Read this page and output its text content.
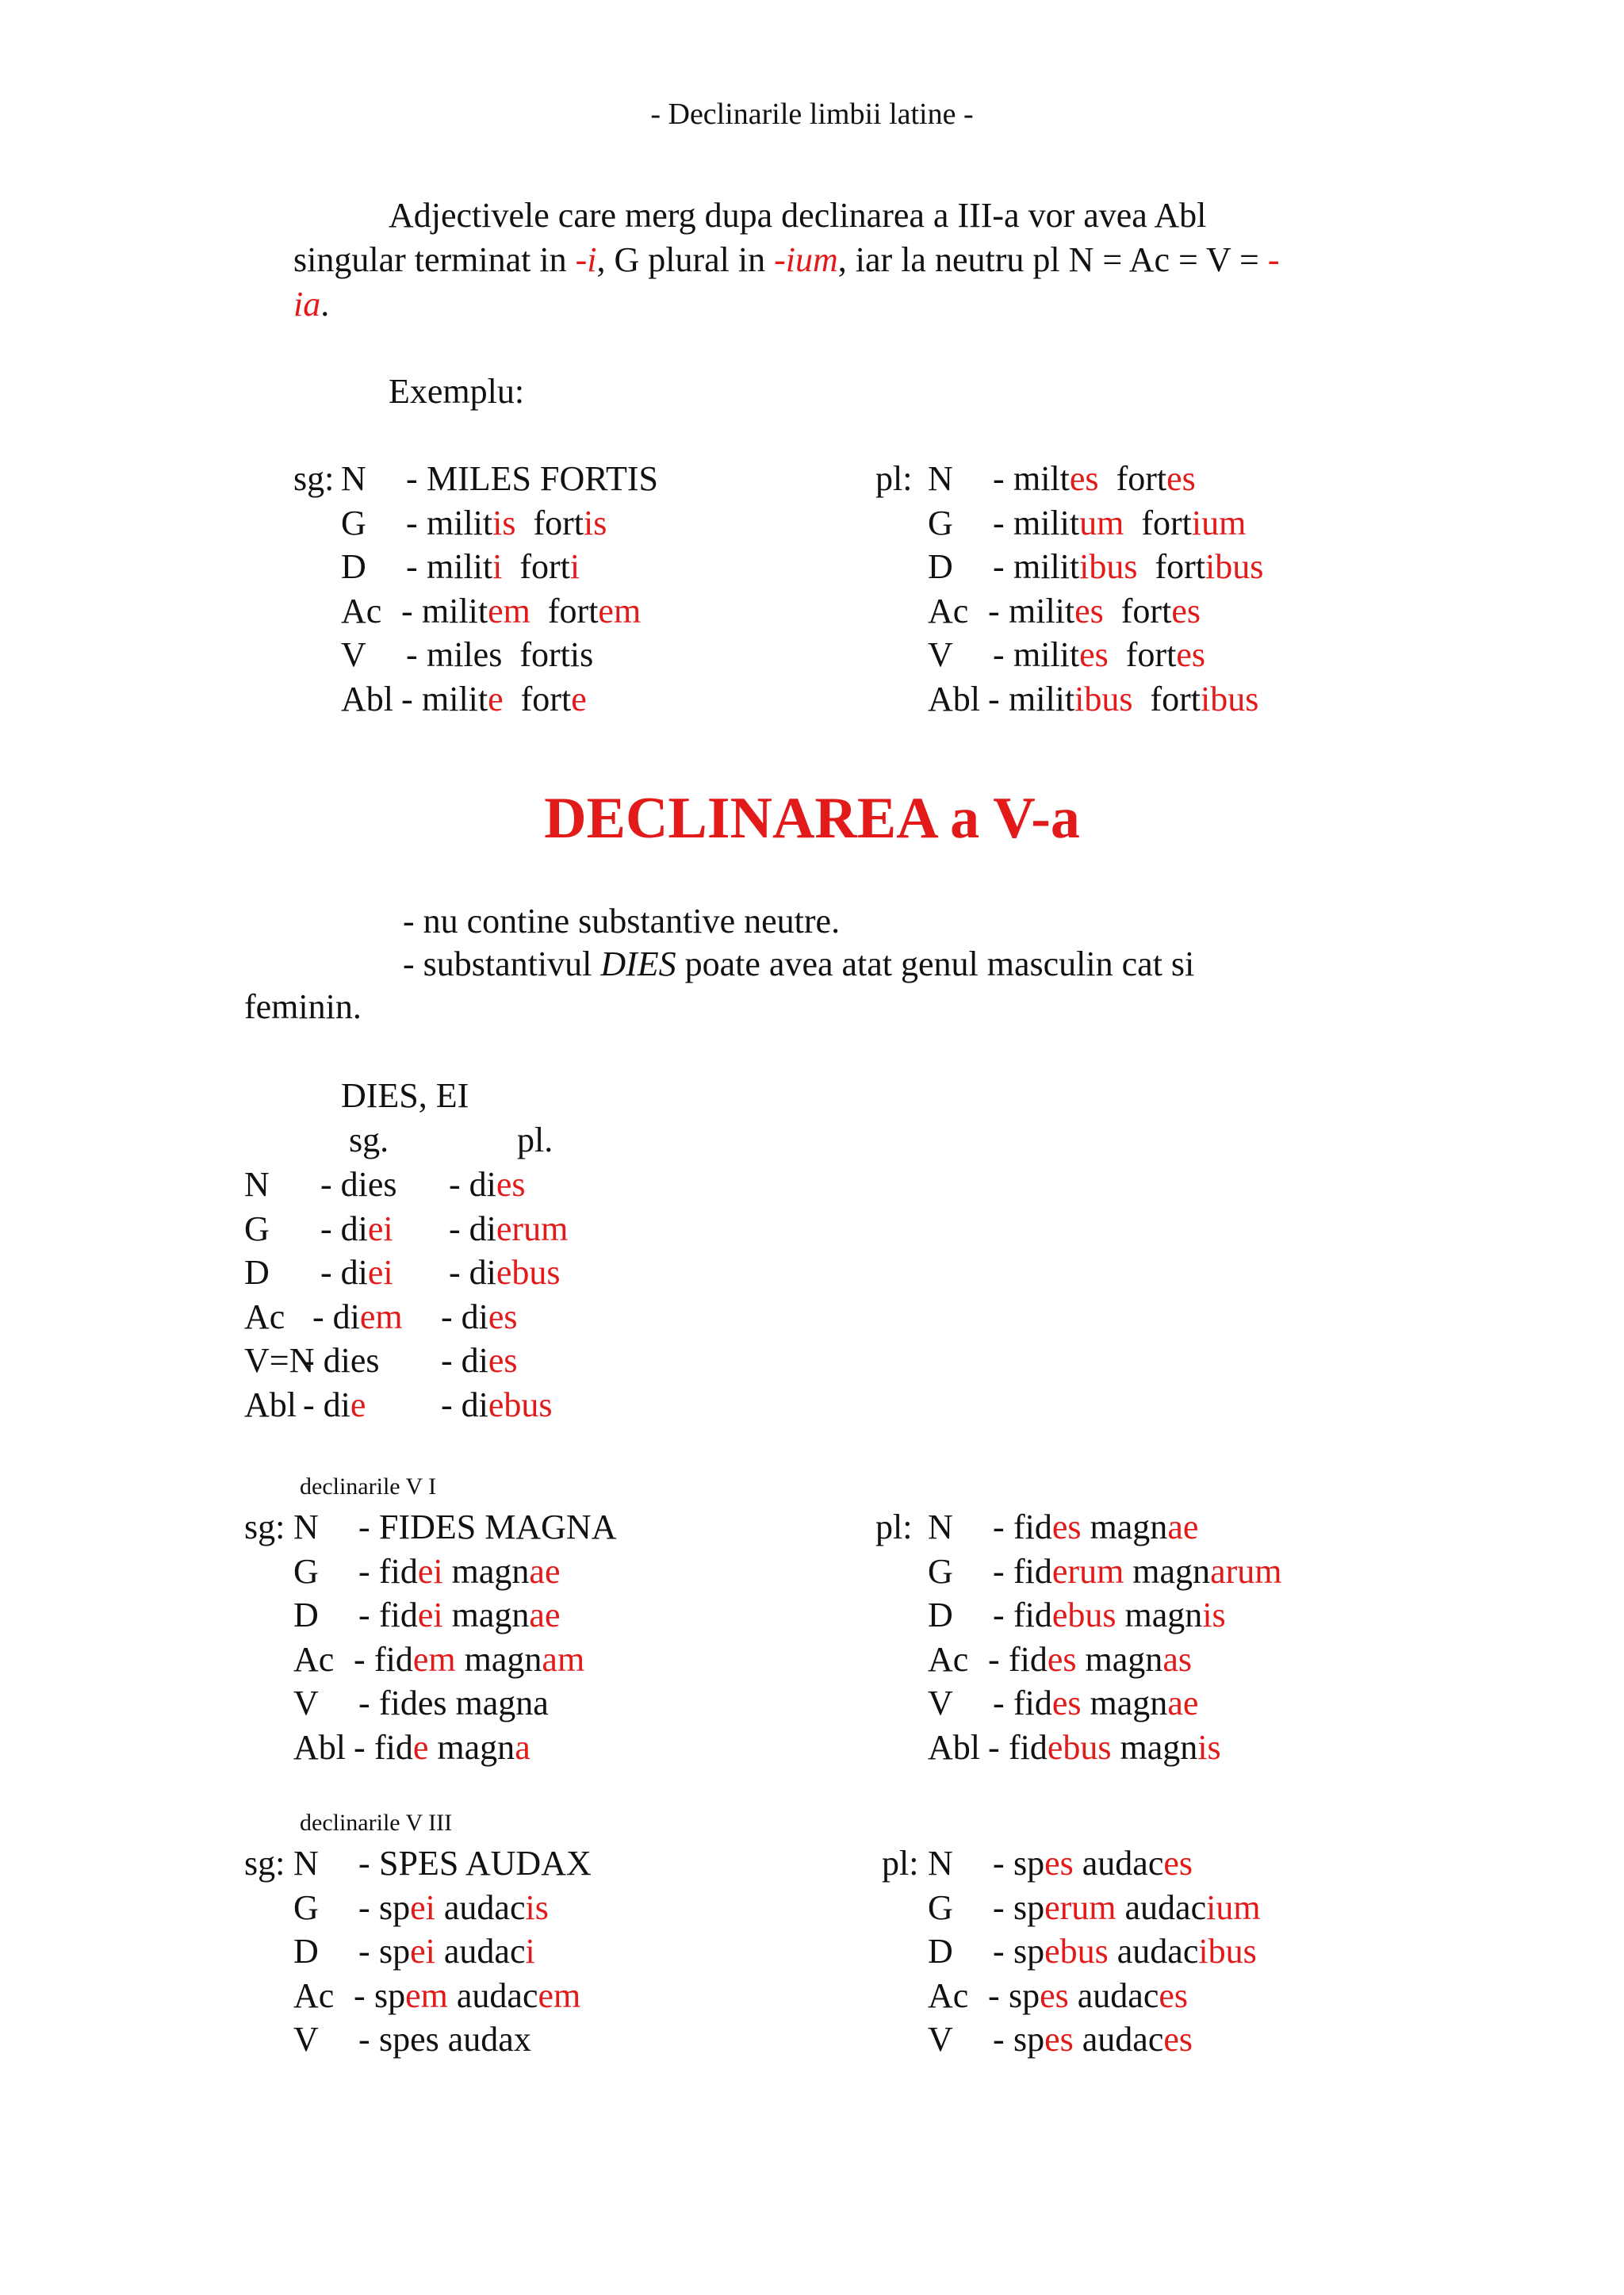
- Declinarile limbii latine -
Adjectivele care merg dupa declinarea a III-a vor avea Abl
singular terminat in -i, G plural in -ium, iar la neutru pl N = Ac = V = -
ia.
Exemplu:
sg: N - MILES FORTIS
G - militis  fortis
D - militi  forti
Ac - militem  fortem
V - miles  fortis
Abl - milite  forte
pl: N - miltes  fortes
G - militum  fortium
D - militibus  fortibus
Ac - milites  fortes
V - milites  fortes
Abl - militibus  fortibus
DECLINAREA a V-a
- nu contine substantive neutre.
- substantivul DIES poate avea atat genul masculin cat si
feminin.
DIES, EI
sg.	pl.
N - dies - dies
G - diei - dierum
D - diei - diebus
Ac - diem - dies
V=N
- dies - dies
Abl - die - diebus
declinarile V I
sg: N - FIDES MAGNA
G - fidei magnae
D - fidei magnae
Ac - fidem magnam
V - fides magna
Abl - fide magna
pl: N - fides magnae
G - fiderum magnarum
D - fidebus magnis
Ac - fides magnas
V - fides magnae
Abl - fidebus magnis
declinarile V III
sg: N - SPES AUDAX
G - spei audacis
D - spei audaci
Ac - spem audacem
V - spes audax
pl: N - spes audaces
G - sperum audacium
D - spebus audacibus
Ac - spes audaces
V - spes audaces
